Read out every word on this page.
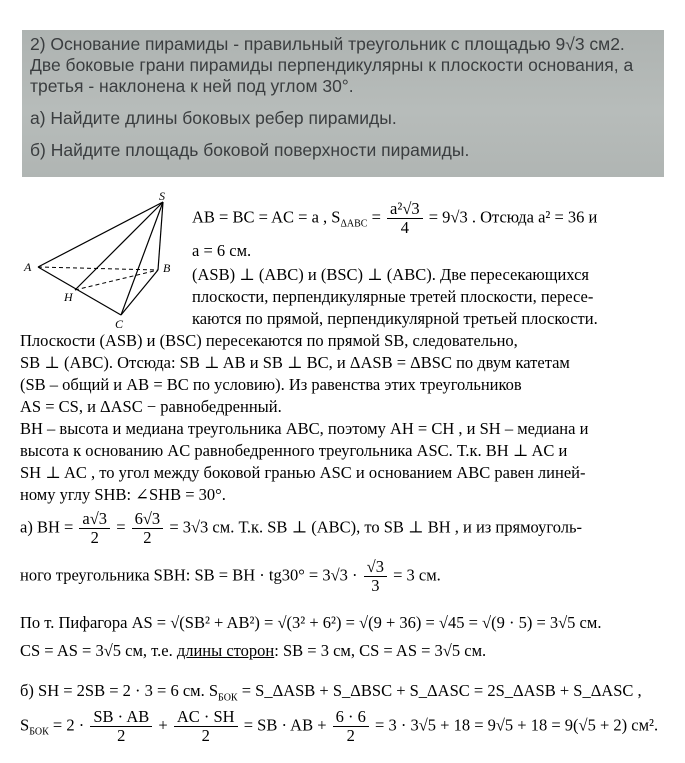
2) Основание пирамиды - правильный треугольник с площадью 9√3 см2.
Две боковые грани пирамиды перпендикулярны к плоскости основания, а
третья - наклонена к ней под углом 30°.
а) Найдите длины боковых ребер пирамиды.
б) Найдите площадь боковой поверхности пирамиды.
S
A	B
C
H
AB = BC = AC = a , $S_{\Delta ABC} = \frac{\text{a²√3}}{4} = 9√3$ . Отсюда a² = 36 и
a = 6 см.
(ASB) ⊥ (ABC) и (BSC) ⊥ (ABC). Две пересекающихся
плоскости, перпендикулярные третей плоскости, пересе-
каются по прямой, перпендикулярной третьей плоскости.
Плоскости (ASB) и (BSC) пересекаются по прямой SB, следовательно,
SB ⊥ (ABC). Отсюда: SB ⊥ AB и SB ⊥ BC, и ΔASB = ΔBSC по двум катетам
(SB – общий и AB = BC по условию). Из равенства этих треугольников
AS = CS, и ΔASC − равнобедренный.
BH – высота и медиана треугольника ABC, поэтому AH = CH , и SH – медиана и
высота к основанию AC равнобедренного треугольника ASC. Т.к. BH ⊥ AC и
SH ⊥ AC , то угол между боковой гранью ASC и основанием ABC равен линей-
ному углу SHB: ∠SHB = 30°.
а) BH = $\frac{a√3}{2} = \frac{6√3}{2} = 3√3$ см. Т.к. SB ⊥ (ABC), то SB ⊥ BH , и из прямоуголь-
ного треугольника SBH: SB = BH · $tg30^\circ = 3√3 \cdot \frac{√3}{3} = 3$ см.
По т. Пифагора AS = √(SB² + AB²) = √(3² + 6²) = √(9 + 36) = √45 = √(9 · 5) = 3√5 см.
CS = AS = 3√5 см, т.е. длины сторон: SB = 3 см, CS = AS = 3√5 см.
б) SH = 2SB = 2 · 3 = 6 см. $S_{БОК}$ = S_ΔASB + S_ΔBSC + S_ΔASC = 2S_ΔASB + S_ΔASC ,
$S_{БОК} = 2 \cdot \frac{SB \cdot AB}{2} + \frac{AC \cdot SH}{2}$ = SB · AB + $\frac{6 \cdot 6}{2} = 3 \cdot 3√5 + 18 = 9√5 + 18 = 9(√5 + 2)$ см².
